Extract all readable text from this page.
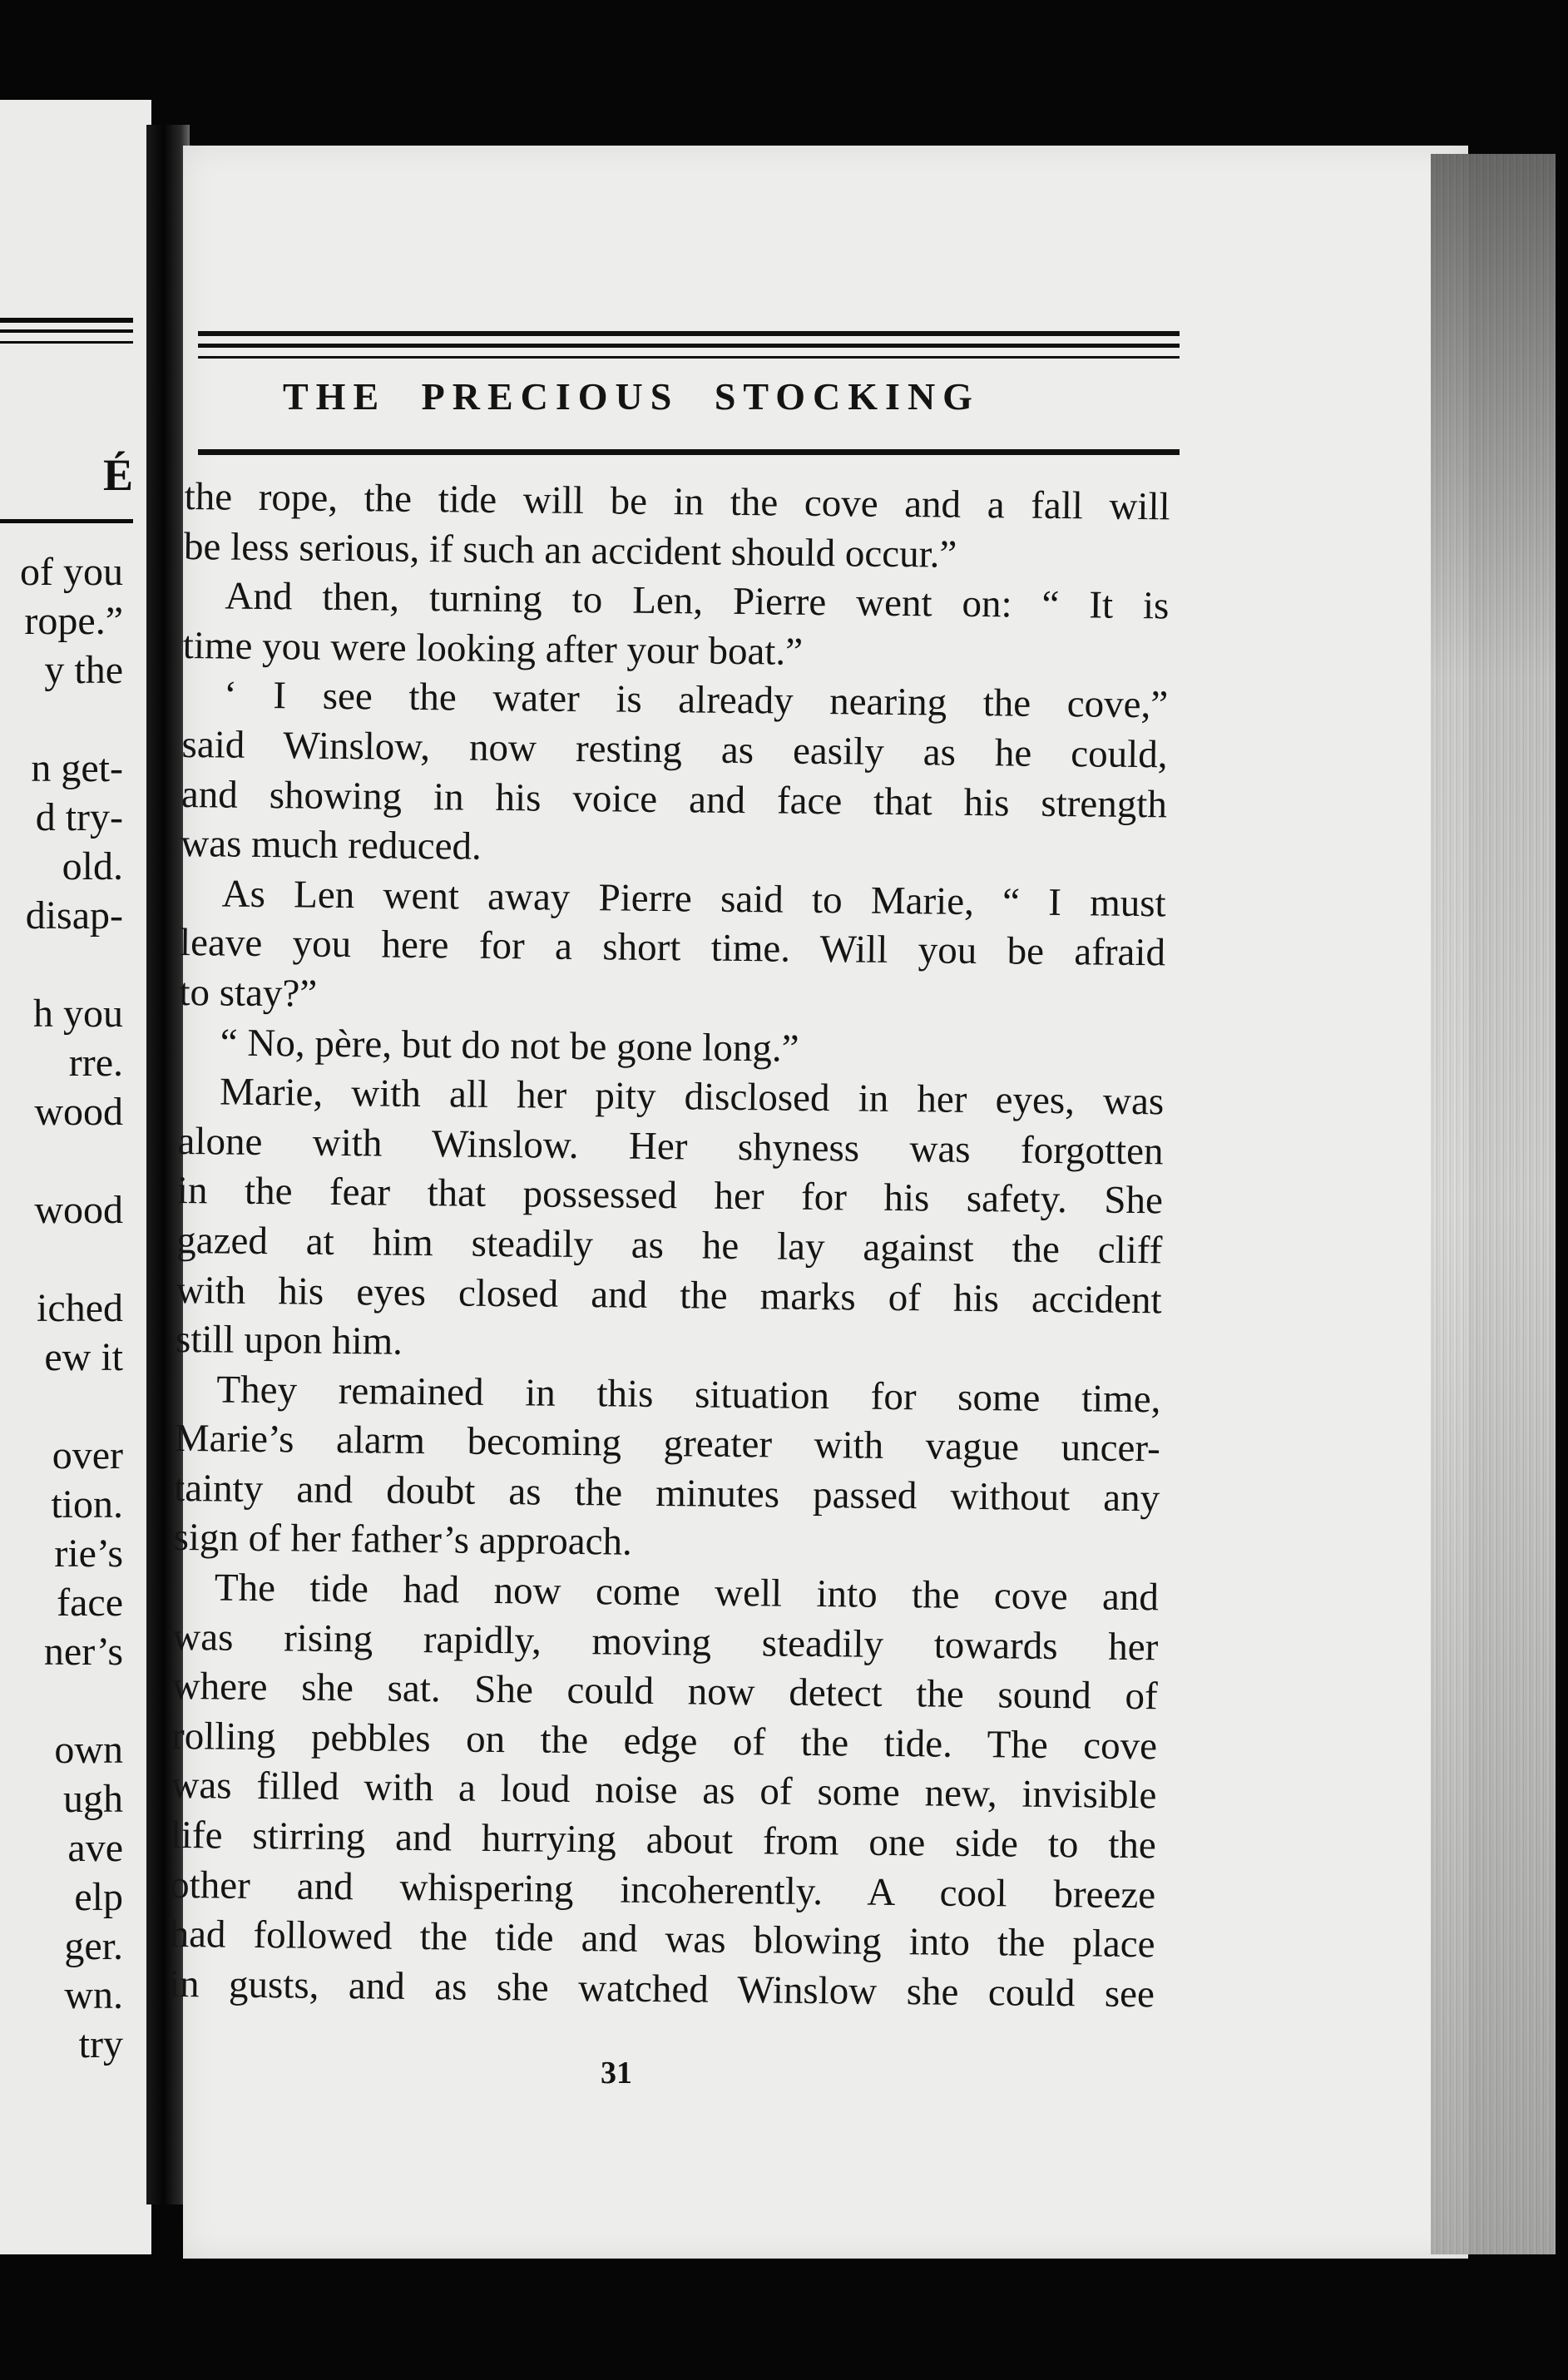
É
of you
rope.”
y the
n get-
d try-
old.
disap-
h you
rre.
wood
wood
iched
ew it
over
tion.
rie’s
face
ner’s
own
ugh
ave
elp
ger.
wn.
try
THE PRECIOUS STOCKING
the rope, the tide will be in the cove and a fall will
be less serious, if such an accident should occur.”
And then, turning to Len, Pierre went on: “ It is
time you were looking after your boat.”
‘ I see the water is already nearing the cove,”
said Winslow, now resting as easily as he could,
and showing in his voice and face that his strength
was much reduced.
As Len went away Pierre said to Marie, “ I must
leave you here for a short time. Will you be afraid
to stay?”
“ No, père, but do not be gone long.”
Marie, with all her pity disclosed in her eyes, was
alone with Winslow. Her shyness was forgotten
in the fear that possessed her for his safety. She
gazed at him steadily as he lay against the cliff
with his eyes closed and the marks of his accident
still upon him.
They remained in this situation for some time,
Marie’s alarm becoming greater with vague uncer-
tainty and doubt as the minutes passed without any
sign of her father’s approach.
The tide had now come well into the cove and
was rising rapidly, moving steadily towards her
where she sat. She could now detect the sound of
rolling pebbles on the edge of the tide. The cove
was filled with a loud noise as of some new, invisible
life stirring and hurrying about from one side to the
other and whispering incoherently. A cool breeze
had followed the tide and was blowing into the place
in gusts, and as she watched Winslow she could see
31
